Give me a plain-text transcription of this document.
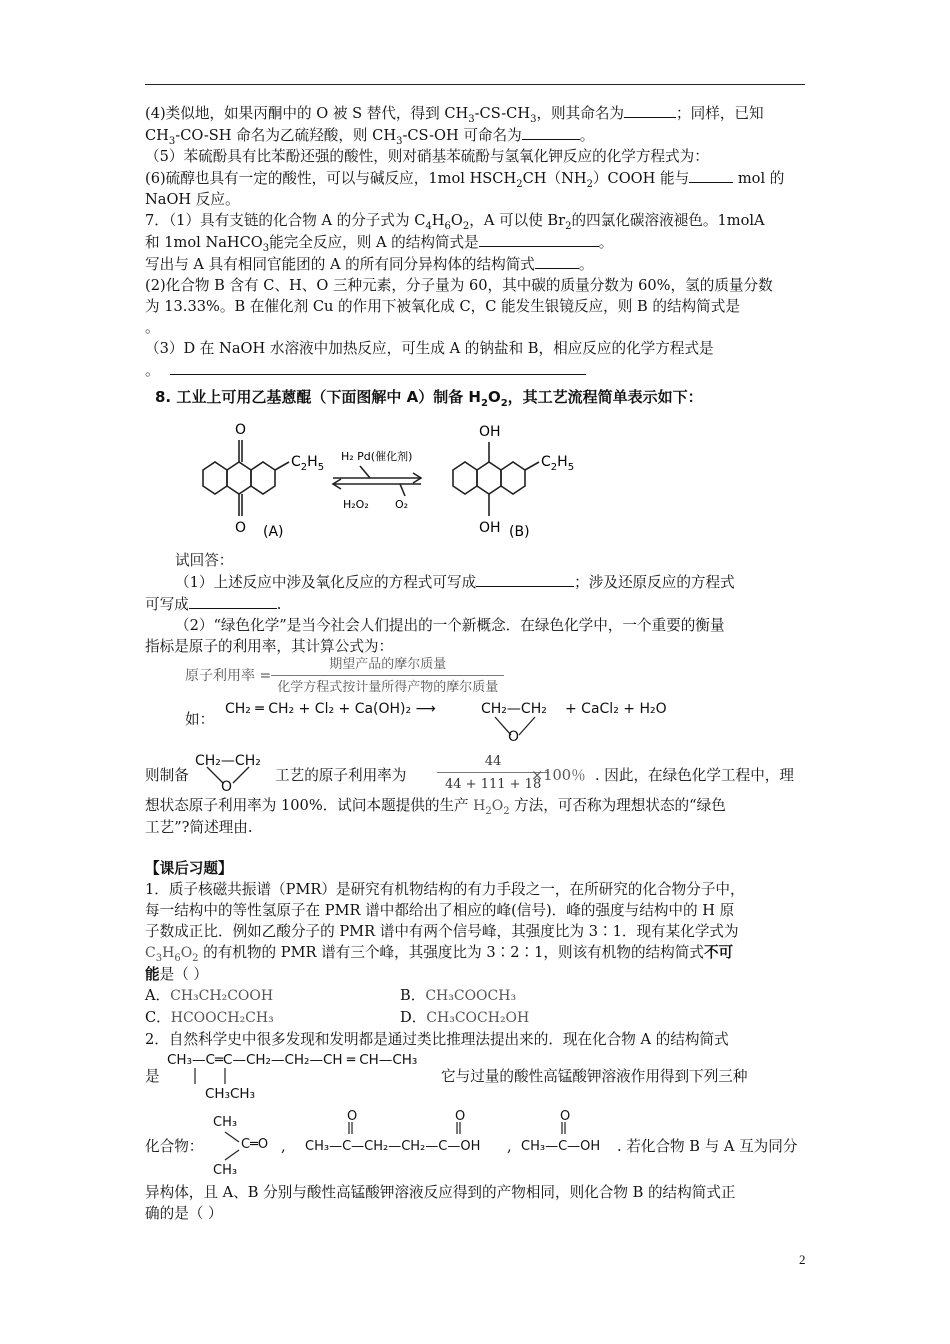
(4)类似地，如果丙酮中的 O 被 S 替代，得到 $CH_3-CS-CH_3$，则其命名为	；同样，已知

$CH_3-CO-SH$ 命名为乙硫羟酸，则 $CH_3-CS-OH$ 可命名为	。

（5）苯硫酚具有比苯酚还强的酸性，则对硝基苯硫酚与氢氧化钾反应的化学方程式为：

(6)硫醇也具有一定的酸性，可以与碱反应，1mol $HSCH_2CH(NH_2)COOH$ 能与	mol 的

NaOH 反应。

7．（1）具有支链的化合物 A 的分子式为 $C_4H_6O_2$，A 可以使 $Br_2$的四氯化碳溶液褪色。1molA

和 1mol NaHCO$_3$能完全反应，则 A 的结构简式是	。

写出与 A 具有相同官能团的 A 的所有同分异构体的结构简式	。

(2)化合物 B 含有 C、H、O 三种元素，分子量为 60，其中碳的质量分数为 60%，氢的质量分数

为 13.33%。B 在催化剂 Cu 的作用下被氧化成 C，C 能发生银镜反应，则 B 的结构简式是

。

（3）D 在 NaOH 水溶液中加热反应，可生成 A 的钠盐和 B，相应反应的化学方程式是

。

8. 工业上可用乙基蒽醌（下面图解中 A）制备 $H_2O_2$，其工艺流程简单表示如下：

O
O
$C_2H_5$
(A)
H₂ Pd(催化剂)
H₂O₂ O₂
OH
OH
$C_2H_5$
(B)

试回答：

（1）上述反应中涉及氧化反应的方程式可写成	；涉及还原反应的方程式

可写成	.

（2）“绿色化学”是当今社会人们提出的一个新概念．在绿色化学中，一个重要的衡量

指标是原子的利用率，其计算公式为：

原子利用率 = $\frac{\text{期望产品的摩尔质量}}{\text{化学方程式按计量所得产物的摩尔质量}}$
如：
CH₂ ═ CH₂ + Cl₂ + Ca(OH)₂ ⟶	CH₂—CH₂
O
+ CaCl₂ + H₂O
则制备
CH₂—CH₂
O
工艺的原子利用率为 $\frac{44}{44 + 111 + 18}$
×100％ . 因此，在绿色化学工程中，理

想状态原子利用率为 100%．试问本题提供的生产 $H_2O_2$ 方法，可否称为理想状态的“绿色

工艺”?简述理由.

【课后习题】

1．质子核磁共振谱（PMR）是研究有机物结构的有力手段之一，在所研究的化合物分子中，

每一结构中的等性氢原子在 PMR 谱中都给出了相应的峰(信号)．峰的强度与结构中的 H 原

子数成正比．例如乙酸分子的 PMR 谱中有两个信号峰，其强度比为 3∶1．现有某化学式为

$C_3H_6O_2$ 的有机物的 PMR 谱有三个峰，其强度比为 3∶2∶1，则该有机物的结构简式不可

能是（ ）

A．CH₃CH₂COOH	B．CH₃COOCH₃
C．HCOOCH₂CH₃	D．CH₃COCH₂OH

2．自然科学史中很多发现和发明都是通过类比推理法提出来的．现在化合物 A 的结构简式

是
CH₃—C═C—CH₂—CH₂—CH ═ CH—CH₃
CH₃CH₃
它与过量的酸性高锰酸钾溶液作用得到下列三种
化合物：
CH₃
C═O
CH₃
, CH₃—C—CH₂—CH₂—C—OH
O	O
, CH₃—C—OH
O
. 若化合物 B 与 A 互为同分

异构体，且 A、B 分别与酸性高锰酸钾溶液反应得到的产物相同，则化合物 B 的结构简式正

确的是（ ）

2
